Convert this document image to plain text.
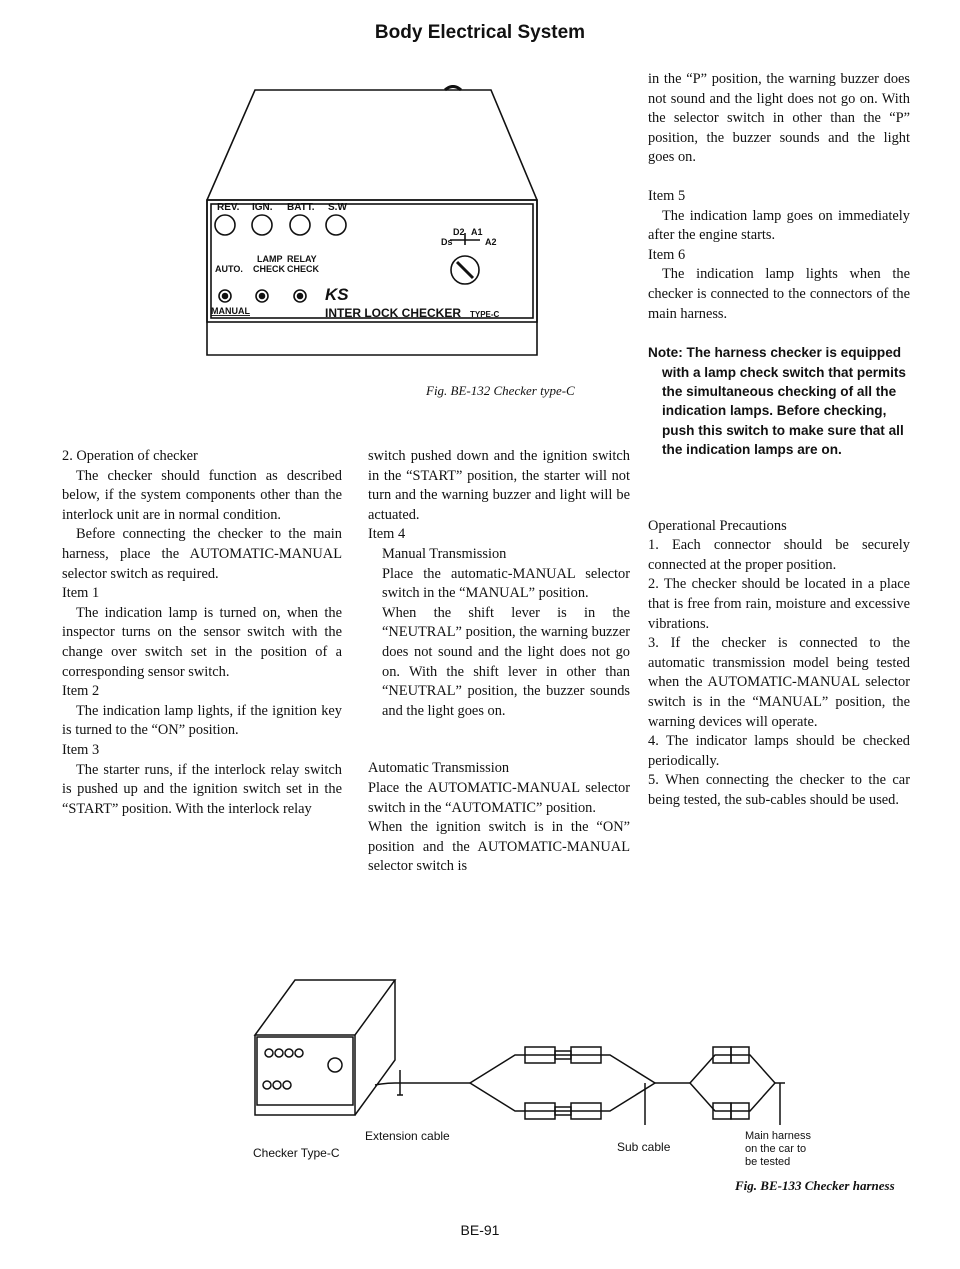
Body Electrical System
REV. IGN. BATT. S.W
Ds
D2 A1
A2
LAMP RELAY
AUTO. CHECK CHECK
MANUAL
KS
INTER LOCK CHECKER TYPE-C
Fig. BE-132 Checker type-C

2. Operation of checker

The checker should function as described below, if the system components other than the interlock unit are in normal condition.

Before connecting the checker to the main harness, place the AUTOMATIC-MANUAL selector switch as required.

Item 1

The indication lamp is turned on, when the inspector turns on the sensor switch with the change over switch set in the position of a corresponding sensor switch.

Item 2

The indication lamp lights, if the ignition key is turned to the “ON” position.

Item 3

The starter runs, if the interlock relay switch is pushed up and the ignition switch set in the “START” position. With the interlock relay

switch pushed down and the ignition switch in the “START” position, the starter will not turn and the warning buzzer and light will be actuated.

Item 4

Manual Transmission

Place the automatic-MANUAL selector switch in the “MANUAL” position.

When the shift lever is in the “NEUTRAL” position, the warning buzzer does not sound and the light does not go on. With the shift lever in other than “NEUTRAL” position, the buzzer sounds and the light goes on.

Automatic Transmission

Place the AUTOMATIC-MANUAL selector switch in the “AUTOMATIC” position.

When the ignition switch is in the “ON” position and the AUTOMATIC-MANUAL selector switch is

in the “P” position, the warning buzzer does not sound and the light does not go on. With the selector switch in other than the “P” position, the buzzer sounds and the light goes on.

Item 5

The indication lamp goes on immediately after the engine starts.

Item 6

The indication lamp lights when the checker is connected to the connectors of the main harness.

Note: The harness checker is equipped with a lamp check switch that permits the simultaneous checking of all the indication lamps. Before checking, push this switch to make sure that all the indication lamps are on.

Operational Precautions

1. Each connector should be securely connected at the proper position.

2. The checker should be located in a place that is free from rain, moisture and excessive vibrations.

3. If the checker is connected to the automatic transmission model being tested when the AUTOMATIC-MANUAL selector switch is in the “MANUAL” position, the warning devices will operate.

4. The indicator lamps should be checked periodically.

5. When connecting the checker to the car being tested, the sub-cables should be used.

Checker Type-C
Extension cable
Sub cable
Main harness
on the car to
be tested
Fig. BE-133 Checker harness
BE-91
